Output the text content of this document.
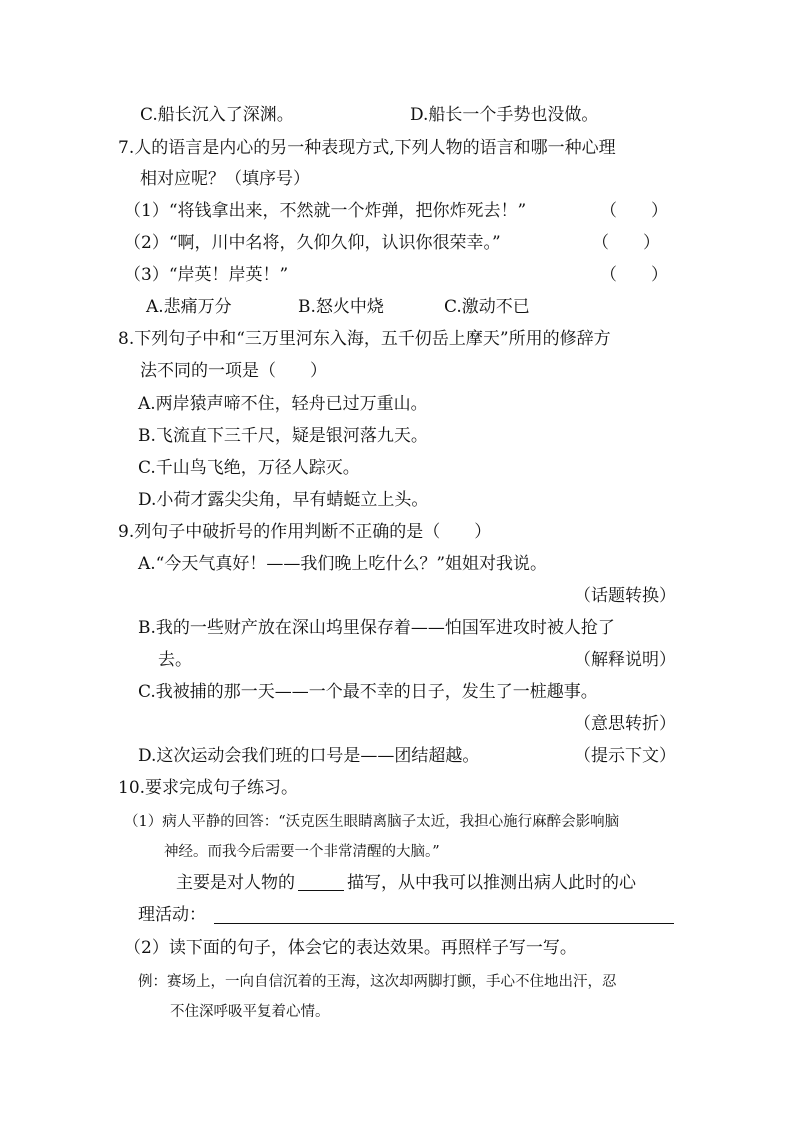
C.船长沉入了深渊。	D.船长一个手势也没做。
7.人的语言是内心的另一种表现方式,下列人物的语言和哪一种心理
相对应呢？（填序号）
（1）“将钱拿出来，不然就一个炸弹，把你炸死去！”	（　　）
（2）“啊，川中名将，久仰久仰，认识你很荣幸。”	（　　）
（3）“岸英！岸英！”	（　　）
A.悲痛万分	B.怒火中烧	C.激动不已
8.下列句子中和“三万里河东入海，五千仞岳上摩天”所用的修辞方
法不同的一项是（　　）
A.两岸猿声啼不住，轻舟已过万重山。
B.飞流直下三千尺，疑是银河落九天。
C.千山鸟飞绝，万径人踪灭。
D.小荷才露尖尖角，早有蜻蜓立上头。
9.列句子中破折号的作用判断不正确的是（　　）
A.“今天气真好！——我们晚上吃什么？”姐姐对我说。
（话题转换）
B.我的一些财产放在深山坞里保存着——怕国军进攻时被人抢了
去。	（解释说明）
C.我被捕的那一天——一个最不幸的日子，发生了一桩趣事。
（意思转折）
D.这次运动会我们班的口号是——团结超越。	（提示下文）
10.要求完成句子练习。
（1）病人平静的回答：“沃克医生眼睛离脑子太近，我担心施行麻醉会影响脑
神经。而我今后需要一个非常清醒的大脑。”
主要是对人物的	描写，从中我可以推测出病人此时的心
理活动：
（2）读下面的句子，体会它的表达效果。再照样子写一写。
例：赛场上，一向自信沉着的王海，这次却两脚打颤，手心不住地出汗，忍
不住深呼吸平复着心情。
